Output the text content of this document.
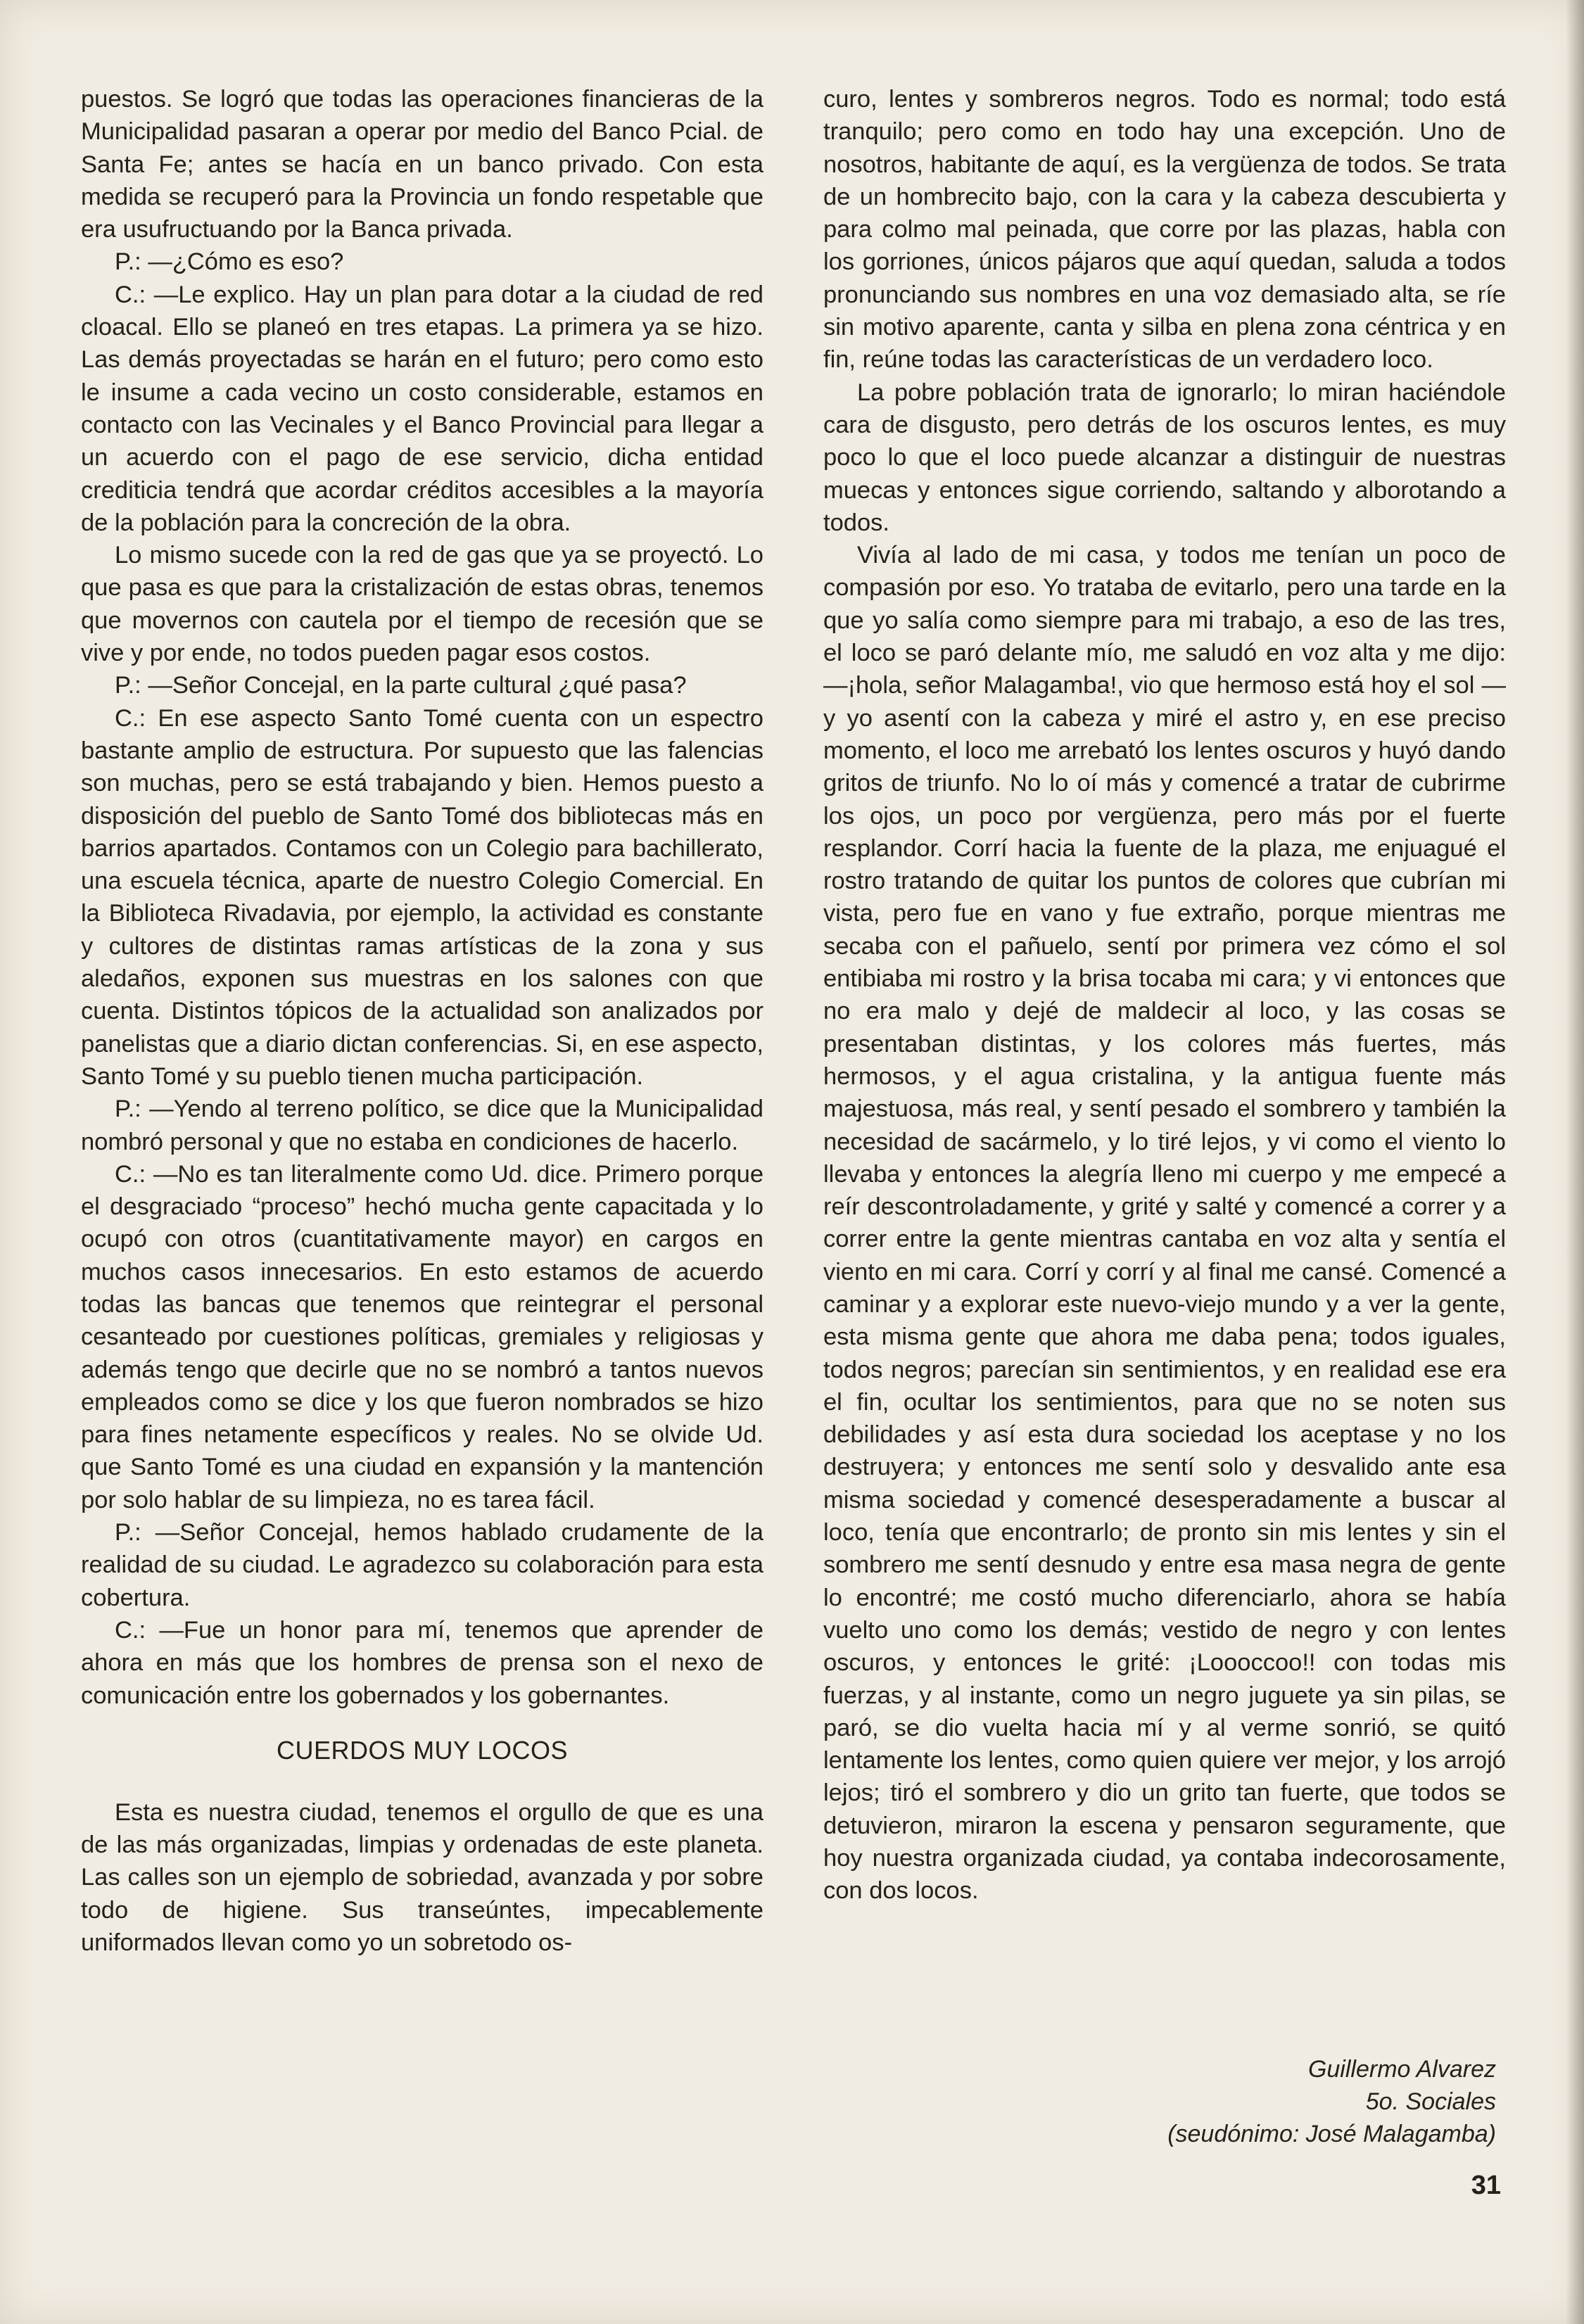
puestos. Se logró que todas las operaciones financieras de la Municipalidad pasaran a operar por medio del Banco Pcial. de Santa Fe; antes se hacía en un banco privado. Con esta medida se recuperó para la Provincia un fondo respetable que era usufructuando por la Banca privada.

P.: —¿Cómo es eso?

C.: —Le explico. Hay un plan para dotar a la ciudad de red cloacal. Ello se planeó en tres etapas. La primera ya se hizo. Las demás proyectadas se harán en el futuro; pero como esto le insume a cada vecino un costo considerable, estamos en contacto con las Vecinales y el Banco Provincial para llegar a un acuerdo con el pago de ese servicio, dicha entidad crediticia tendrá que acordar créditos accesibles a la mayoría de la población para la concreción de la obra.

Lo mismo sucede con la red de gas que ya se proyectó. Lo que pasa es que para la cristalización de estas obras, tenemos que movernos con cautela por el tiempo de recesión que se vive y por ende, no todos pueden pagar esos costos.

P.: —Señor Concejal, en la parte cultural ¿qué pasa?

C.: En ese aspecto Santo Tomé cuenta con un espectro bastante amplio de estructura. Por supuesto que las falencias son muchas, pero se está trabajando y bien. Hemos puesto a disposición del pueblo de Santo Tomé dos bibliotecas más en barrios apartados. Contamos con un Colegio para bachillerato, una escuela técnica, aparte de nuestro Colegio Comercial. En la Biblioteca Rivadavia, por ejemplo, la actividad es constante y cultores de distintas ramas artísticas de la zona y sus aledaños, exponen sus muestras en los salones con que cuenta. Distintos tópicos de la actualidad son analizados por panelistas que a diario dictan conferencias. Si, en ese aspecto, Santo Tomé y su pueblo tienen mucha participación.

P.: —Yendo al terreno político, se dice que la Municipalidad nombró personal y que no estaba en condiciones de hacerlo.

C.: —No es tan literalmente como Ud. dice. Primero porque el desgraciado “proceso” hechó mucha gente capacitada y lo ocupó con otros (cuantitativamente mayor) en cargos en muchos casos innecesarios. En esto estamos de acuerdo todas las bancas que tenemos que reintegrar el personal cesanteado por cuestiones políticas, gremiales y religiosas y además tengo que decirle que no se nombró a tantos nuevos empleados como se dice y los que fueron nombrados se hizo para fines netamente específicos y reales. No se olvide Ud. que Santo Tomé es una ciudad en expansión y la mantención por solo hablar de su limpieza, no es tarea fácil.

P.: —Señor Concejal, hemos hablado crudamente de la realidad de su ciudad. Le agradezco su colaboración para esta cobertura.

C.: —Fue un honor para mí, tenemos que aprender de ahora en más que los hombres de prensa son el nexo de comunicación entre los gobernados y los gobernantes.

CUERDOS MUY LOCOS

Esta es nuestra ciudad, tenemos el orgullo de que es una de las más organizadas, limpias y ordenadas de este planeta. Las calles son un ejemplo de sobriedad, avanzada y por sobre todo de higiene. Sus transeúntes, impecablemente uniformados llevan como yo un sobretodo os-

curo, lentes y sombreros negros. Todo es normal; todo está tranquilo; pero como en todo hay una excepción. Uno de nosotros, habitante de aquí, es la vergüenza de todos. Se trata de un hombrecito bajo, con la cara y la cabeza descubierta y para colmo mal peinada, que corre por las plazas, habla con los gorriones, únicos pájaros que aquí quedan, saluda a todos pronunciando sus nombres en una voz demasiado alta, se ríe sin motivo aparente, canta y silba en plena zona céntrica y en fin, reúne todas las características de un verdadero loco.

La pobre población trata de ignorarlo; lo miran haciéndole cara de disgusto, pero detrás de los oscuros lentes, es muy poco lo que el loco puede alcanzar a distinguir de nuestras muecas y entonces sigue corriendo, saltando y alborotando a todos.

Vivía al lado de mi casa, y todos me tenían un poco de compasión por eso. Yo trataba de evitarlo, pero una tarde en la que yo salía como siempre para mi trabajo, a eso de las tres, el loco se paró delante mío, me saludó en voz alta y me dijo: —¡hola, señor Malagamba!, vio que hermoso está hoy el sol —y yo asentí con la cabeza y miré el astro y, en ese preciso momento, el loco me arrebató los lentes oscuros y huyó dando gritos de triunfo. No lo oí más y comencé a tratar de cubrirme los ojos, un poco por vergüenza, pero más por el fuerte resplandor. Corrí hacia la fuente de la plaza, me enjuagué el rostro tratando de quitar los puntos de colores que cubrían mi vista, pero fue en vano y fue extraño, porque mientras me secaba con el pañuelo, sentí por primera vez cómo el sol entibiaba mi rostro y la brisa tocaba mi cara; y vi entonces que no era malo y dejé de maldecir al loco, y las cosas se presentaban distintas, y los colores más fuertes, más hermosos, y el agua cristalina, y la antigua fuente más majestuosa, más real, y sentí pesado el sombrero y también la necesidad de sacármelo, y lo tiré lejos, y vi como el viento lo llevaba y entonces la alegría lleno mi cuerpo y me empecé a reír descontroladamente, y grité y salté y comencé a correr y a correr entre la gente mientras cantaba en voz alta y sentía el viento en mi cara. Corrí y corrí y al final me cansé. Comencé a caminar y a explorar este nuevo-viejo mundo y a ver la gente, esta misma gente que ahora me daba pena; todos iguales, todos negros; parecían sin sentimientos, y en realidad ese era el fin, ocultar los sentimientos, para que no se noten sus debilidades y así esta dura sociedad los aceptase y no los destruyera; y entonces me sentí solo y desvalido ante esa misma sociedad y comencé desesperadamente a buscar al loco, tenía que encontrarlo; de pronto sin mis lentes y sin el sombrero me sentí desnudo y entre esa masa negra de gente lo encontré; me costó mucho diferenciarlo, ahora se había vuelto uno como los demás; vestido de negro y con lentes oscuros, y entonces le grité: ¡Loooccoo!! con todas mis fuerzas, y al instante, como un negro juguete ya sin pilas, se paró, se dio vuelta hacia mí y al verme sonrió, se quitó lentamente los lentes, como quien quiere ver mejor, y los arrojó lejos; tiró el sombrero y dio un grito tan fuerte, que todos se detuvieron, miraron la escena y pensaron seguramente, que hoy nuestra organizada ciudad, ya contaba indecorosamente, con dos locos.

Guillermo Alvarez
5o. Sociales
(seudónimo: José Malagamba)
31
